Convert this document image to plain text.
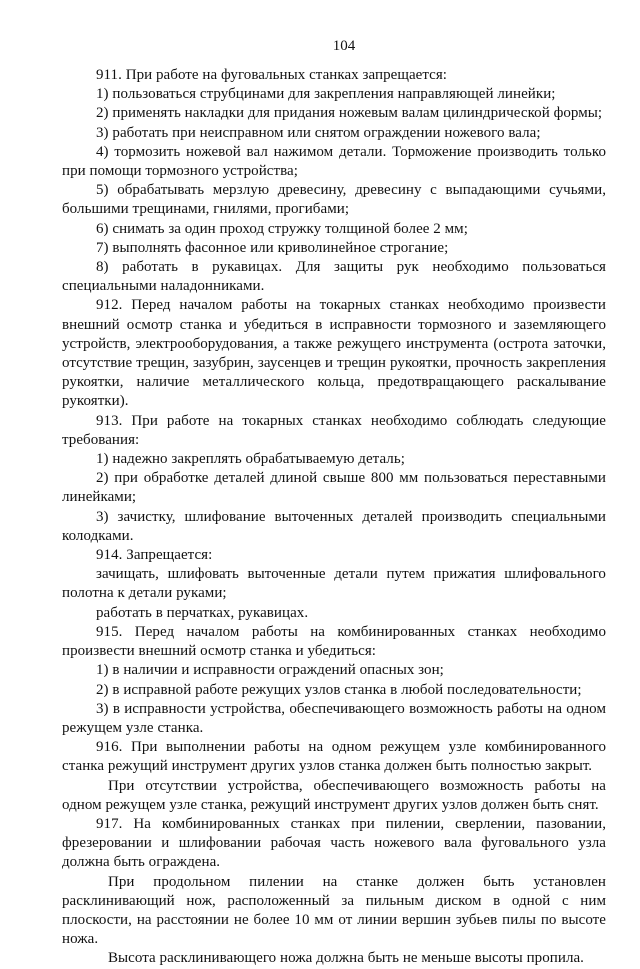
104

911. При работе на фуговальных станках запрещается:

1) пользоваться струбцинами для закрепления направляющей линейки;

2) применять накладки для придания ножевым валам цилиндрической формы;

3) работать при неисправном или снятом ограждении ножевого вала;

4) тормозить ножевой вал нажимом детали. Торможение производить только при помощи тормозного устройства;

5) обрабатывать мерзлую древесину, древесину с выпадающими сучьями, большими трещинами, гнилями, прогибами;

6) снимать за один проход стружку толщиной более 2 мм;

7) выполнять фасонное или криволинейное строгание;

8) работать в рукавицах. Для защиты рук необходимо пользоваться специальными наладонниками.

912. Перед началом работы на токарных станках необходимо произвести внешний осмотр станка и убедиться в исправности тормозного и заземляющего устройств, электрооборудования, а также режущего инструмента (острота заточки, отсутствие трещин, зазубрин, заусенцев и трещин рукоятки, прочность закрепления рукоятки, наличие металлического кольца, предотвращающего раскалывание рукоятки).

913. При работе на токарных станках необходимо соблюдать следующие требования:

1) надежно закреплять обрабатываемую деталь;

2) при обработке деталей длиной свыше 800 мм пользоваться переставными линейками;

3) зачистку, шлифование выточенных деталей производить специальными колодками.

914. Запрещается:

зачищать, шлифовать выточенные детали путем прижатия шлифовального полотна к детали руками;

работать в перчатках, рукавицах.

915. Перед началом работы на комбинированных станках необходимо произвести внешний осмотр станка и убедиться:

1) в наличии и исправности ограждений опасных зон;

2) в исправной работе режущих узлов станка в любой последовательности;

3) в исправности устройства, обеспечивающего возможность работы на одном режущем узле станка.

916. При выполнении работы на одном режущем узле комбинированного станка режущий инструмент других узлов станка должен быть полностью закрыт.

При отсутствии устройства, обеспечивающего возможность работы на одном режущем узле станка, режущий инструмент других узлов должен быть снят.

917. На комбинированных станках при пилении, сверлении, пазовании, фрезеровании и шлифовании рабочая часть ножевого вала фуговального узла должна быть ограждена.

При продольном пилении на станке должен быть установлен расклинивающий нож, расположенный за пильным диском в одной с ним плоскости, на расстоянии не более 10 мм от линии вершин зубьев пилы по высоте ножа.

Высота расклинивающего ножа должна быть не меньше высоты пропила.
